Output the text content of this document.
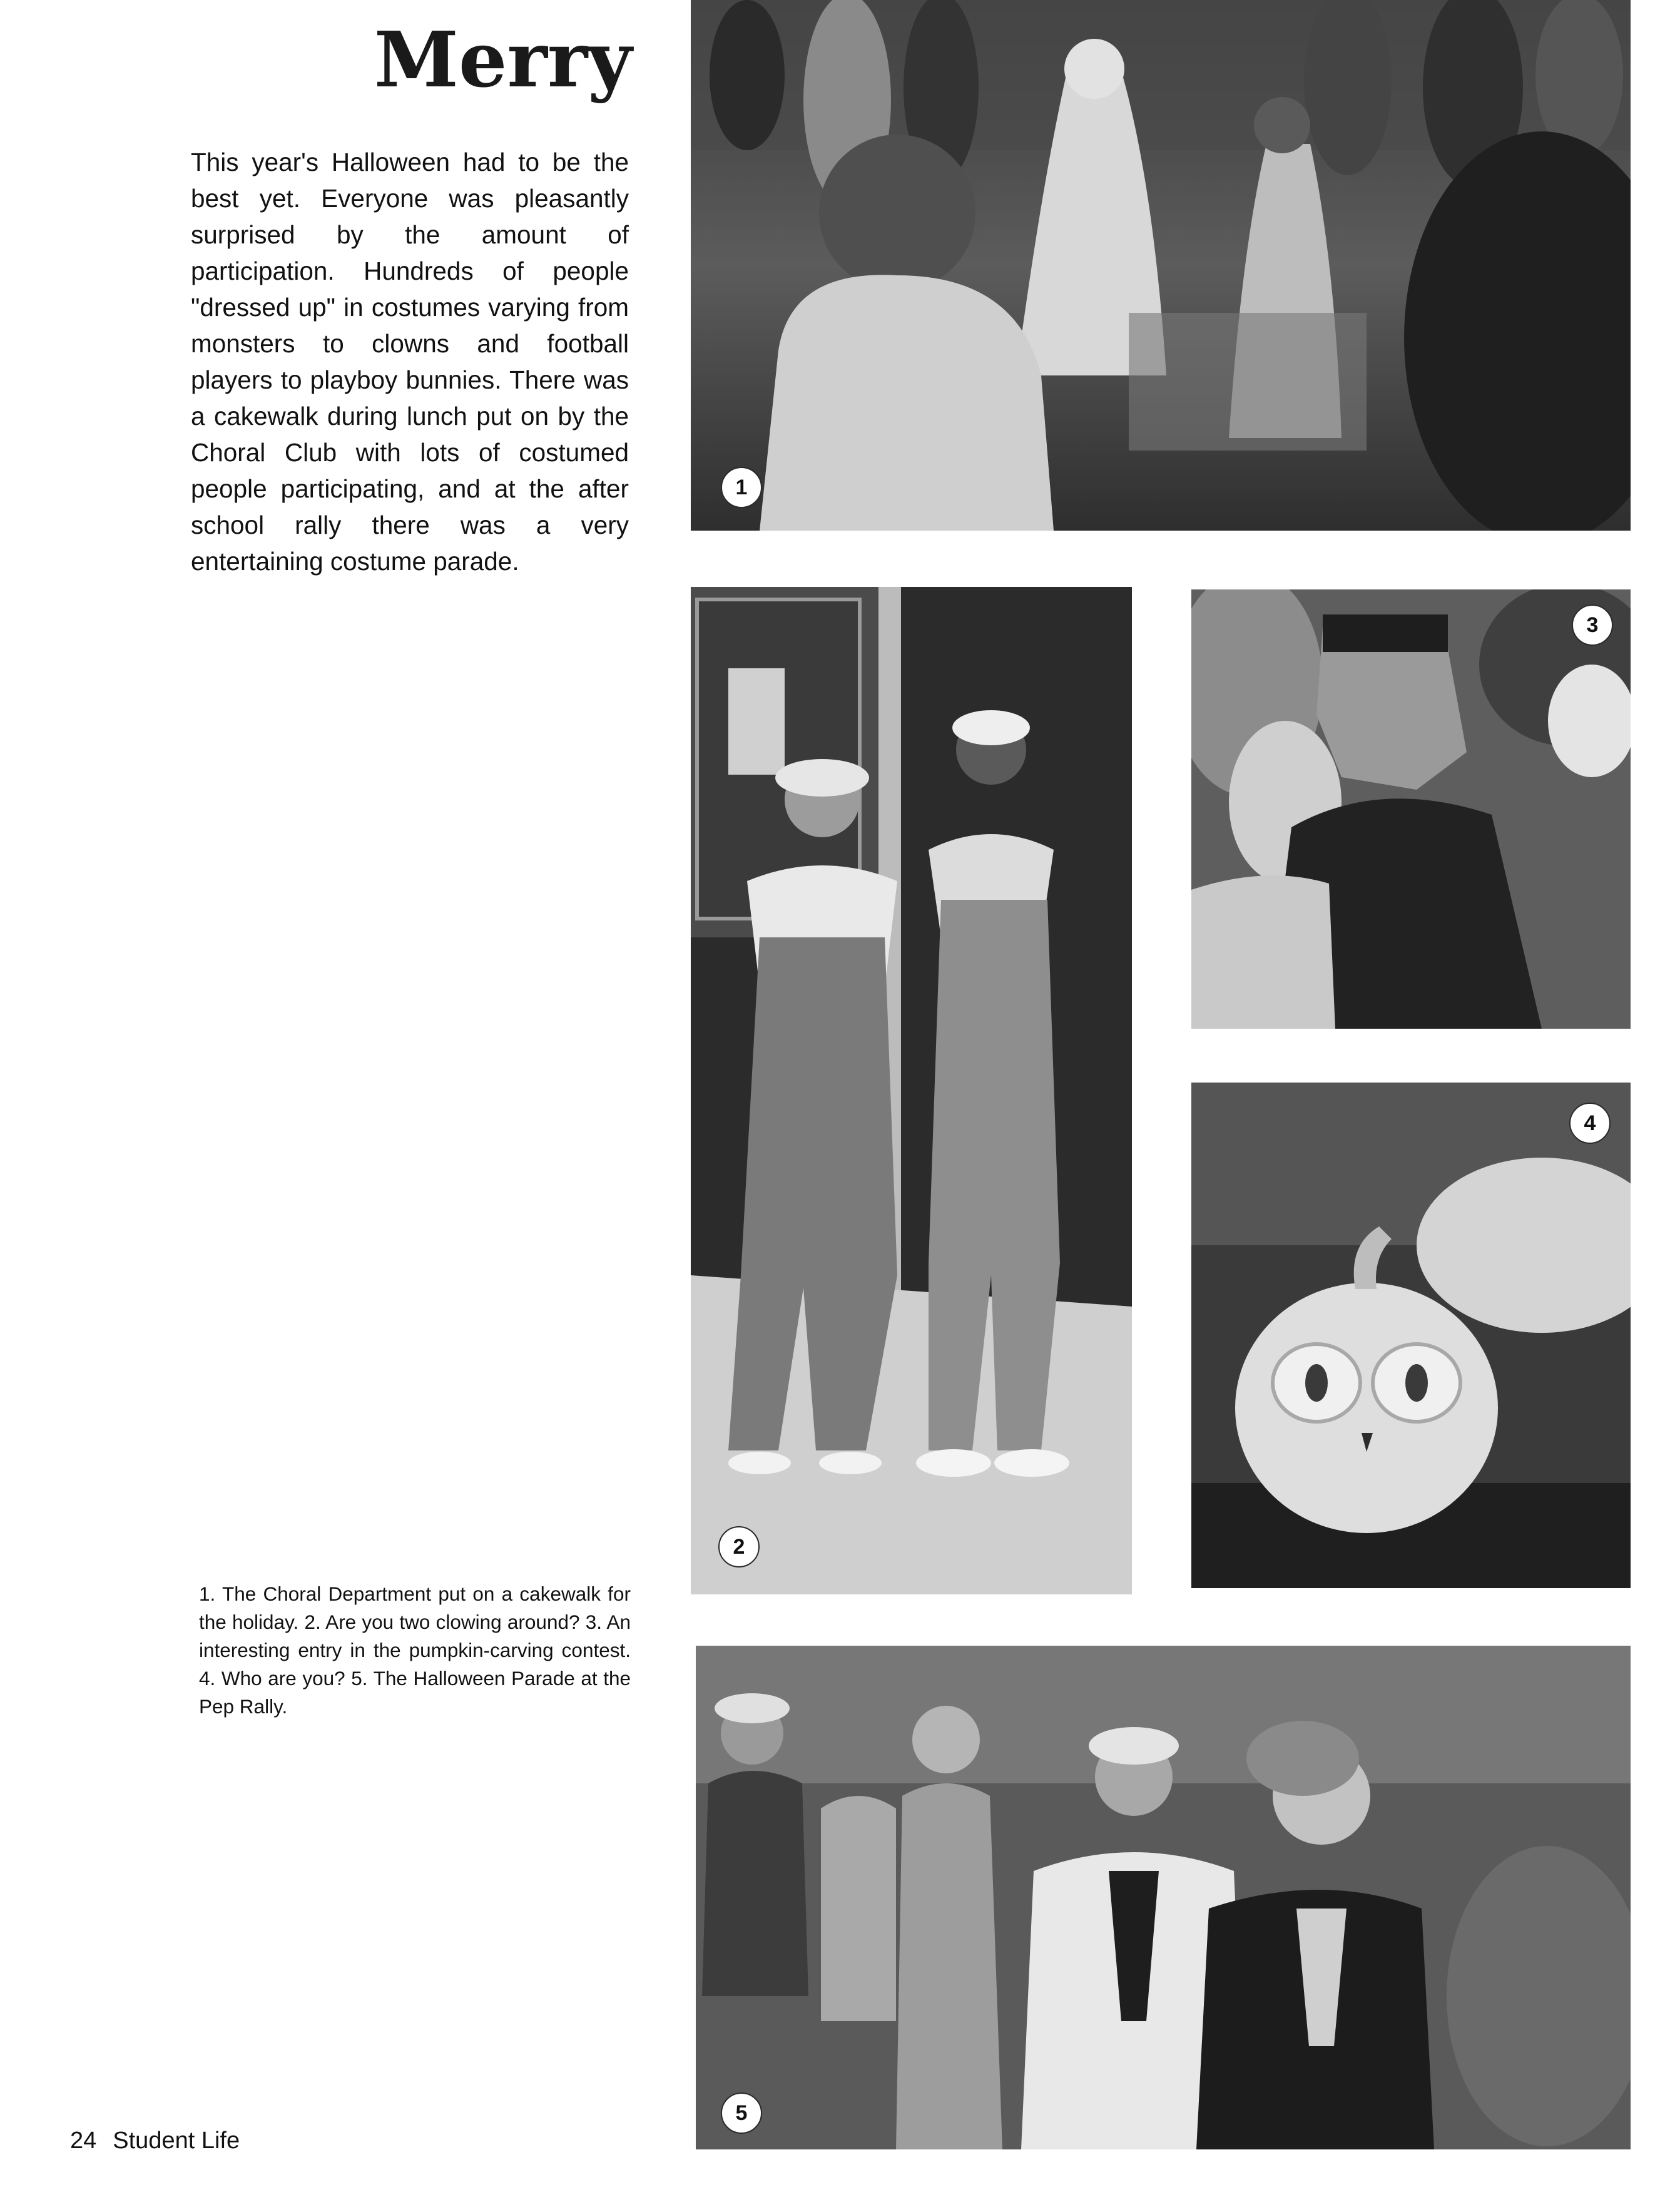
Merry

This year's Halloween had to be the best yet. Everyone was pleasantly surprised by the amount of participation. Hundreds of people "dressed up" in costumes varying from monsters to clowns and football players to playboy bunnies. There was a cakewalk during lunch put on by the Choral Club with lots of costumed people participating, and at the after school rally there was a very entertaining costume parade.

1
2
3
4

1. The Choral Department put on a cakewalk for the holiday. 2. Are you two clowing around? 3. An interesting entry in the pumpkin-carving contest. 4. Who are you? 5. The Halloween Parade at the Pep Rally.

5
24 Student Life
